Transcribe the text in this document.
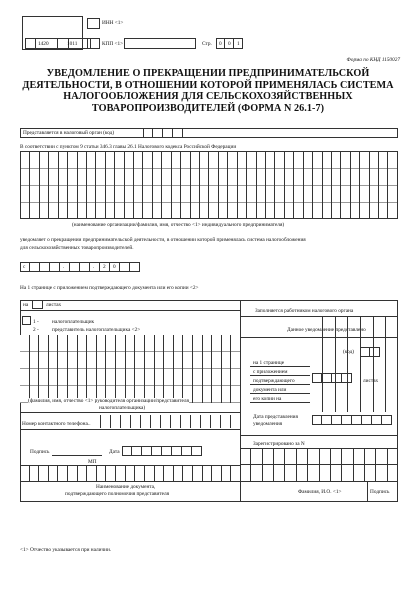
ИНН <1>
1420	1011	КПП <1>	Стр. 0 0 1
Форма по КНД 1150027
УВЕДОМЛЕНИЕ О ПРЕКРАЩЕНИИ ПРЕДПРИНИМАТЕЛЬСКОЙ
ДЕЯТЕЛЬНОСТИ, В ОТНОШЕНИИ КОТОРОЙ ПРИМЕНЯЛАСЬ СИСТЕМА
НАЛОГООБЛОЖЕНИЯ ДЛЯ СЕЛЬСКОХОЗЯЙСТВЕННЫХ
ТОВАРОПРОИЗВОДИТЕЛЕЙ (ФОРМА N 26.1-7)
Представляется в налоговый орган (код)
В соответствии с пунктом 9 статьи 346.3 главы 26.1 Налогового кодекса Российской Федерации
(наименование организации/фамилия, имя, отчество <1> индивидуального предпринимателя)
уведомляет о прекращении предпринимательской деятельности, в отношении которой применялась система налогообложения
для сельскохозяйственных товаропроизводителей.
с	.	. 2 0
На 1 странице с приложением подтверждающего документа или его копии <2>
на	листах
1 -	налогоплательщик
2 -	представитель налогоплательщика <2>
(фамилия, имя, отчество <1> руководителя организации/представителя
налогоплательщика)
Номер контактного телефона..
Подпись	Дата
МП
Наименование документа,
подтверждающего полномочия представителя
Заполняется работником налогового органа
Данное уведомление представлено
(код)
на 1 странице
с приложением
подтверждающего	листах
документа или
его копии на
Дата представления
уведомления
Зарегистрировано за N
Фамилия, И.О. <1>	Подпись
<1> Отчество указывается при наличии.
